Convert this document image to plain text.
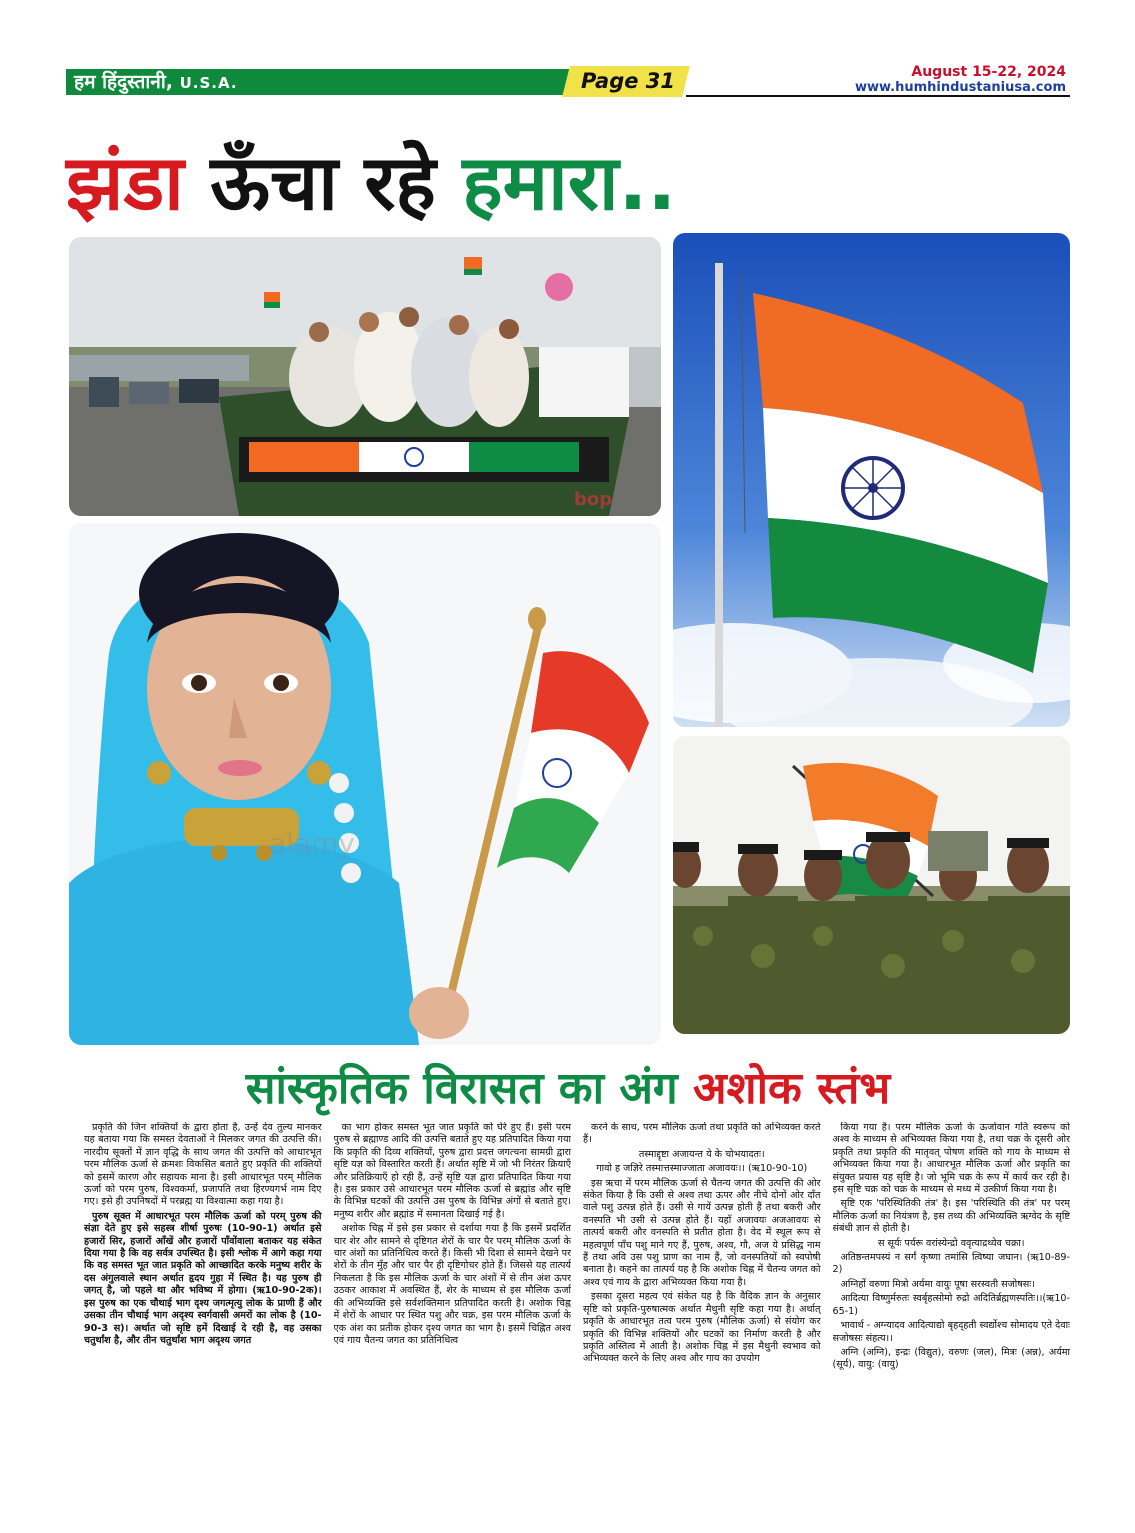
हम हिंदुस्तानी, U.S.A.	Page 31	August 15-22, 2024
www.humhindustaniusa.com
झंडा ऊँचा रहे हमारा..
bop
alamy
सांस्कृतिक विरासत का अंग अशोक स्तंभ

प्रकृति की जिन शक्तियों के द्वारा होता है, उन्हें देव तुल्य मानकर यह बताया गया कि समस्त देवताओं ने मिलकर जगत की उत्पत्ति की। नारदीय सूक्तों में ज्ञान वृद्धि के साथ जगत की उत्पत्ति को आधारभूत परम मौलिक ऊर्जा से क्रमशः विकसित बताते हुए प्रकृति की शक्तियों को इसमें कारण और सहायक माना है। इसी आधारभूत परम् मौलिक ऊर्जा को परम पुरुष, विश्वकर्मा, प्रजापति तथा हिरण्यगर्भ नाम दिए गए। इसे ही उपनिषदों में परब्रह्म या विश्वात्मा कहा गया है।

पुरुष सूक्त में आधारभूत परम मौलिक ऊर्जा को परम् पुरुष की संज्ञा देते हुए इसे सहस्त्र शीर्षा पुरुषः (10-90-1) अर्थात इसे हजारों सिर, हजारों आँखें और हजारों पाँवोंवाला बताकर यह संकेत दिया गया है कि वह सर्वत्र उपस्थित है। इसी श्लोक में आगे कहा गया कि वह समस्त भूत जात प्रकृति को आच्छादित करके मनुष्य शरीर के दस अंगुलवाले स्थान अर्थात हृदय गुहा में स्थित है। यह पुरुष ही जगत् है, जो पहले था और भविष्य में होगा। (ऋ10-90-2क)। इस पुरुष का एक चौथाई भाग दृश्य जगत्मृत्यु लोक के प्राणी हैं और उसका तीन चौथाई भाग अदृश्य स्वर्गवासी अमरों का लोक है (10-90-3 स)। अर्थात जो सृष्टि हमें दिखाई दे रही है, वह उसका चतुर्थांश है, और तीन चतुर्थांश भाग अदृश्य जगत

का भाग होकर समस्त भूत जात प्रकृति को घेरे हुए हैं। इसी परम पुरुष से ब्रह्माण्ड आदि की उत्पत्ति बताते हुए यह प्रतिपादित किया गया कि प्रकृति की दिव्य शक्तियाँ, पुरुष द्वारा प्रदत्त जगत्चना सामग्री द्वारा सृष्टि यज्ञ को विस्तारित करती हैं। अर्थात सृष्टि में जो भी निरंतर क्रियाएँ और प्रतिक्रियाएँ हो रही हैं, उन्हें सृष्टि यज्ञ द्वारा प्रतिपादित किया गया है। इस प्रकार उसे आधारभूत परम मौलिक ऊर्जा से ब्रह्मांड और सृष्टि के विभिन्न घटकों की उत्पत्ति उस पुरुष के विभिन्न अंगों से बताते हुए। मनुष्य शरीर और ब्रह्मांड में समानता दिखाई गई है।

अशोक चिह्न में इसे इस प्रकार से दर्शाया गया है कि इसमें प्रदर्शित चार शेर और सामने से दृष्टिगत शेरों के चार पैर परम् मौलिक ऊर्जा के चार अंशों का प्रतिनिधित्व करते हैं। किसी भी दिशा से सामने देखने पर शेरों के तीन मुँह और चार पैर ही दृष्टिगोचर होते हैं। जिससे यह तात्पर्य निकलता है कि इस मौलिक ऊर्जा के चार अंशों में से तीन अंश ऊपर उठकर आकाश में अवस्थित हैं, शेर के माध्यम से इस मौलिक ऊर्जा की अभिव्यक्ति इसे सर्वशक्तिमान प्रतिपादित करती है। अशोक चिह्न में शेरों के आधार पर स्थित पशु और चक्र, इस परम मौलिक ऊर्जा के एक अंश का प्रतीक होकर दृश्य जगत का भाग है। इसमें चिह्नित अश्व एवं गाय चैतन्य जगत का प्रतिनिधित्व

करने के साथ, परम मौलिक ऊर्जा तथा प्रकृति को अभिव्यक्त करते हैं।

तस्माद्दृष्टा अजायन्त ये के चोभयादतः।

गावो ह जज्ञिरे तस्मात्तस्माज्जाता अजावयः।। (ऋ10-90-10)

इस ऋचा में परम मौलिक ऊर्जा से चैतन्य जगत की उत्पत्ति की ओर संकेत किया है कि उसी से अश्व तथा ऊपर और नीचे दोनों ओर दाँत वाले पशु उत्पन्न होते हैं। उसी से गायें उत्पन्न होती हैं तथा बकरी और वनस्पति भी उसी से उत्पन्न होते हैं। यहाँ अजावयः अजआवयः से तात्पर्य बकरी और वनस्पति से प्रतीत होता है। वेद में स्थूल रूप से महत्वपूर्ण पाँच पशु माने गए हैं, पुरुष, अश्व, गौ, अज ये प्रसिद्ध नाम हैं तथा अवि उस पशु प्राण का नाम हैं, जो वनस्पतियों को स्वपोषी बनाता है। कहने का तात्पर्य यह है कि अशोक चिह्न में चैतन्य जगत को अश्व एवं गाय के द्वारा अभिव्यक्त किया गया है।

इसका दूसरा महत्व एवं संकेत यह है कि वैदिक ज्ञान के अनुसार सृष्टि को प्रकृति-पुरुषात्मक अर्थात मैथुनी सृष्टि कहा गया है। अर्थात् प्रकृति के आधारभूत तत्व परम पुरुष (मौलिक ऊर्जा) से संयोग कर प्रकृति की विभिन्न शक्तियों और घटकों का निर्माण करती है और प्रकृति अस्तित्व में आती है। अशोक चिह्न में इस मैथुनी स्वभाव को अभिव्यक्त करने के लिए अश्व और गाय का उपयोग

किया गया है। परम मौलिक ऊर्जा के ऊर्जावान गति स्वरूप को अश्व के माध्यम से अभिव्यक्त किया गया है, तथा चक्र के दूसरी ओर प्रकृति तथा प्रकृति की मातृवत् पोषण शक्ति को गाय के माध्यम से अभिव्यक्त किया गया है। आधारभूत मौलिक ऊर्जा और प्रकृति का संयुक्त प्रयास यह सृष्टि है। जो भूमि चक्र के रूप में कार्य कर रही है। इस सृष्टि चक्र को चक्र के माध्यम से मध्य में उत्कीर्ण किया गया है।

सृष्टि एक 'परिस्थितिकी तंत्र' है। इस 'परिस्थिति की तंत्र' पर परम् मौलिक ऊर्जा का नियंत्रण है, इस तथ्य की अभिव्यक्ति ऋग्वेद के सृष्टि संबंधी ज्ञान से होती है।

स सूर्यः पर्यरू वरांस्येन्द्रो ववृत्याद्रथ्येव चक्रा।

अतिष्ठन्तमपस्यं न सर्गं कृष्णा तमांसि त्विष्या जघान। (ऋ10-89-2)

अग्निर्हो वरुणा मित्रो अर्यमा वायुः पूषा सरस्वती सजोषसः।

आदित्या विष्णुर्मरुतः स्वर्बृहत्सोमो रुद्रो अदितिर्ब्रह्मणस्पतिः।।(ऋ10-65-1)

भावार्थ - अग्न्यादव आदित्याद्यो बृहद्हती स्वर्द्योश्च सोमादय एते देवाः सजोषसः संहत्य।।

अग्नि (अग्नि), इन्द्रः (विद्युत), वरुणः (जल), मित्रः (अन्न), अर्यमा (सूर्य), वायु: (वायु)
